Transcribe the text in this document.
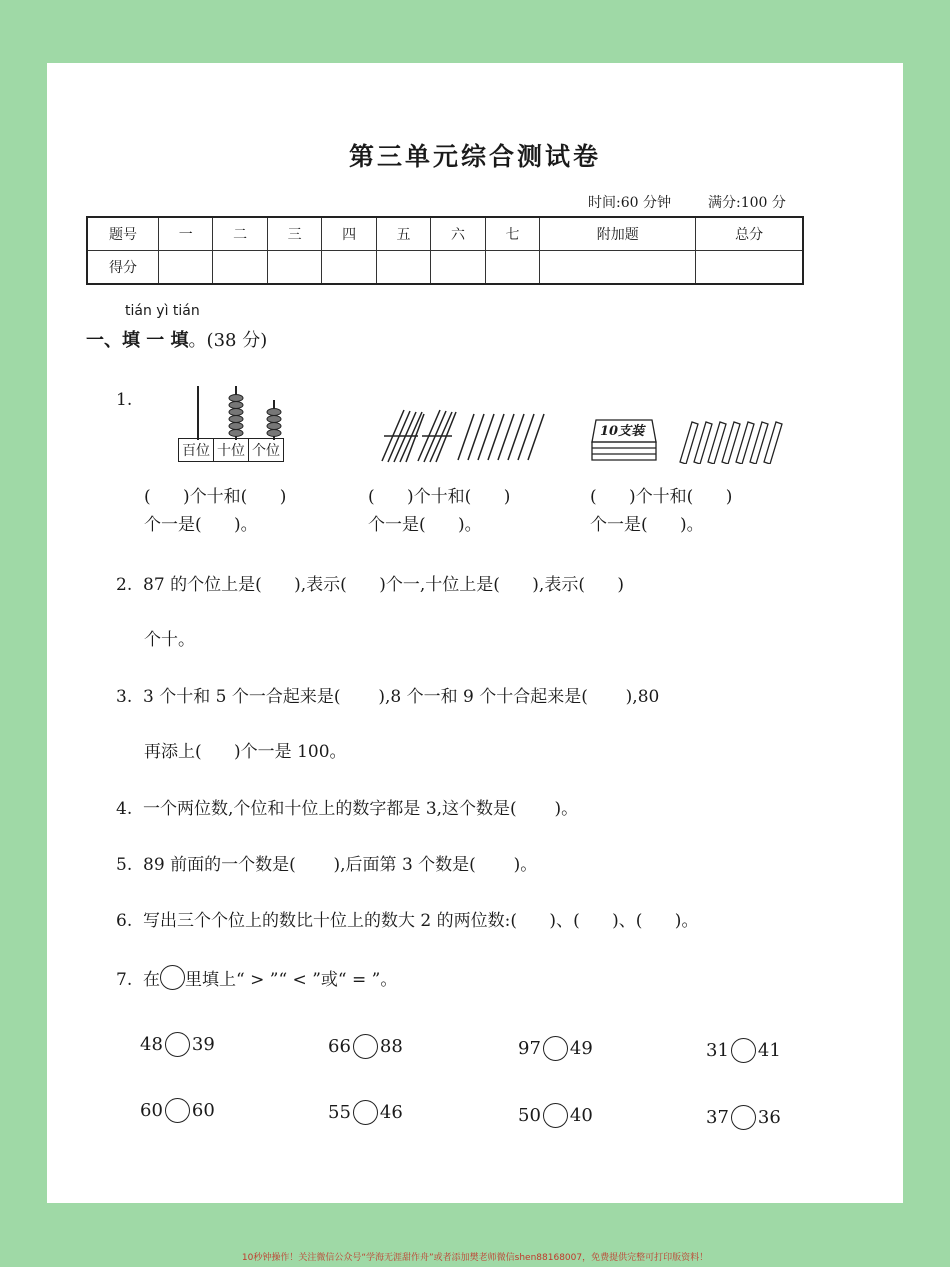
第三单元综合测试卷
时间:60 分钟	满分:100 分
题号	一	二	三	四	五	六	七	附加题	总分
得分									
tián yì tián
一、填 一 填。(38 分)
1.
百位 十位 个位
10支装
(      )个十和(      )
个一是(      )。
(      )个十和(      )
个一是(      )。
(      )个十和(      )
个一是(      )。
2.  87 的个位上是(      ),表示(      )个一,十位上是(      ),表示(      )
个十。
3.  3 个十和 5 个一合起来是(       ),8 个一和 9 个十合起来是(       ),80
再添上(      )个一是 100。
4.  一个两位数,个位和十位上的数字都是 3,这个数是(       )。
5.  89 前面的一个数是(       ),后面第 3 个数是(       )。
6.  写出三个个位上的数比十位上的数大 2 的两位数:(      )、(      )、(      )。
7.  在 里填上“ > ”“ < ”或“ = ”。
48 39	66 88	97 49	31 41
60 60	55 46	50 40	37 36
10秒钟操作！关注微信公众号“学海无涯甜作舟”或者添加樊老师微信shen88168007，免费提供完整可打印版资料！
